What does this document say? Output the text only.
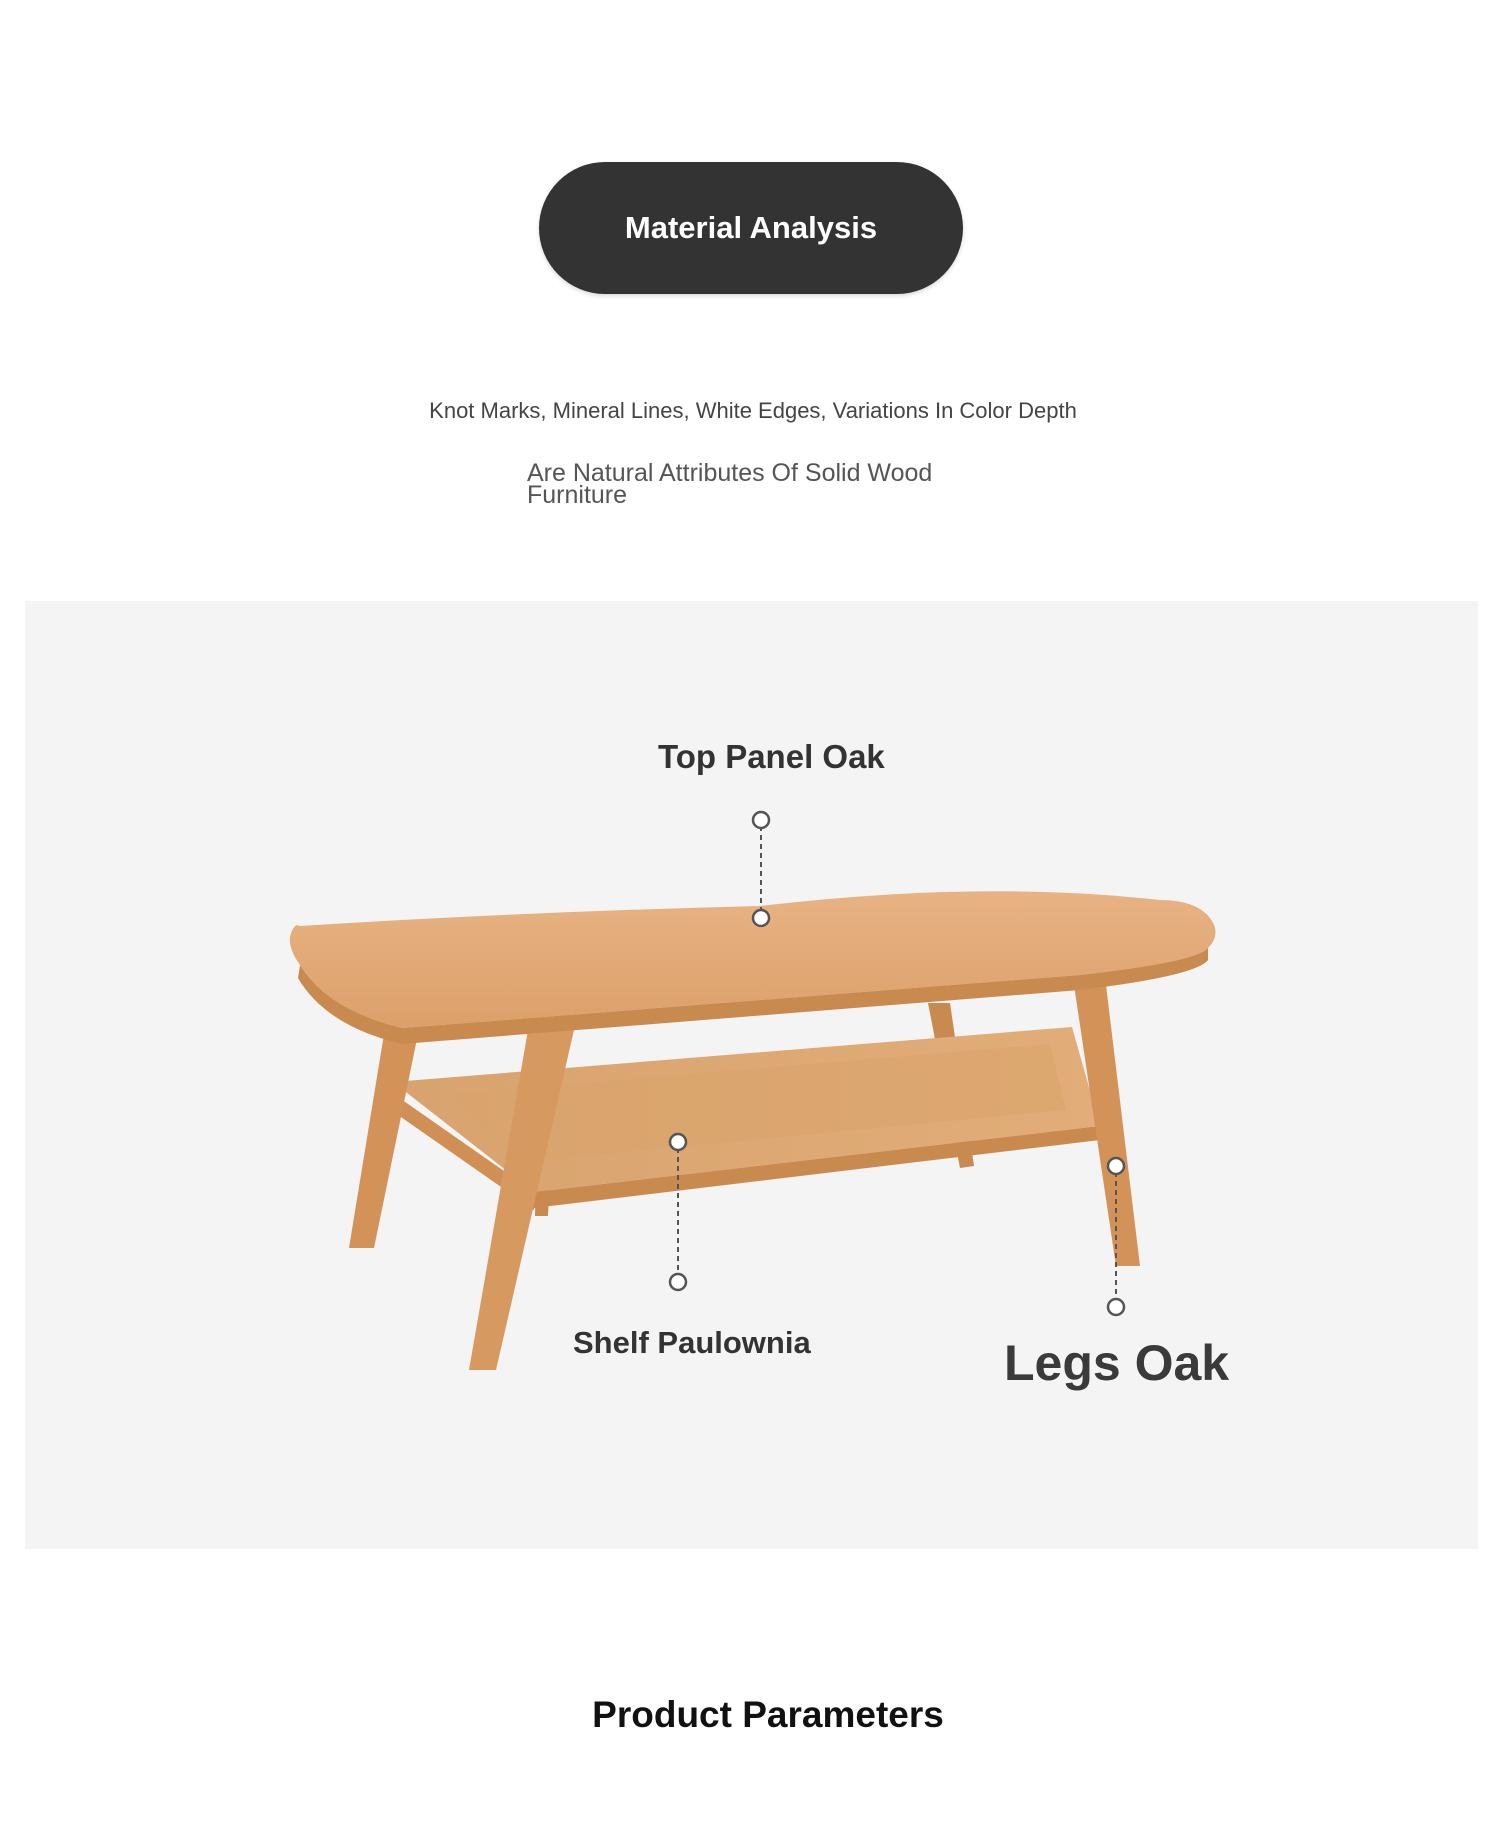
Material Analysis
Knot Marks, Mineral Lines, White Edges, Variations In Color Depth
Are Natural Attributes Of Solid Wood Furniture
Top Panel Oak
Shelf Paulownia	Legs Oak
Product Parameters
